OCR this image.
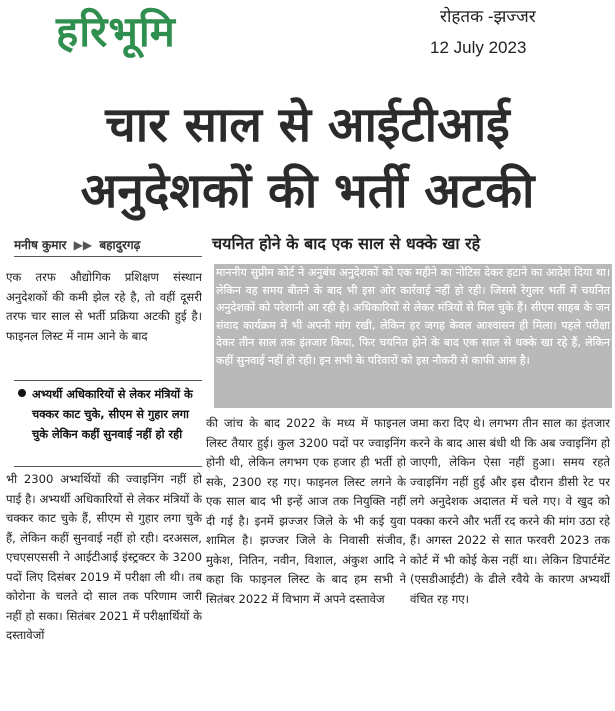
हरिभूमि	रोहतक -झज्जर
12 July 2023
चार साल से आईटीआई
अनुदेशकों की भर्ती अटकी
मनीष कुमार ▶▶ बहादुरगढ़	चयनित होने के बाद एक साल से धक्के खा रहे

माननीय सुप्रीम कोर्ट ने अनुबंध अनुदेशकों को एक महीने का नोटिस देकर हटाने का आदेश दिया था। लेकिन वह समय बीतने के बाद भी इस ओर कार्रवाई नहीं हो रही। जिससे रेगुलर भर्ती में चयनित अनुदेशकों को परेशानी आ रही है। अधिकारियों से लेकर मंत्रियों से मिल चुके हैं। सीएम साहब के जन संवाद कार्यक्रम में भी अपनी मांग रखी, लेकिन हर जगह केवल आश्वासन ही मिला। पहले परीक्षा देकर तीन साल तक इंतजार किया, फिर चयनित होने के बाद एक साल से धक्के खा रहे हैं, लेकिन कहीं सुनवाई नहीं हो रही। इन सभी के परिवारों को इस नौकरी से काफी आस है।

एक तरफ औद्योगिक प्रशिक्षण संस्थान अनुदेशकों की कमी झेल रहे है, तो वहीं दूसरी तरफ चार साल से भर्ती प्रक्रिया अटकी हुई है। फाइनल लिस्ट में नाम आने के बाद
अभ्यर्थी अधिकारियों से लेकर मंत्रियों के चक्कर काट चुके, सीएम से गुहार लगा चुके लेकिन कहीं सुनवाई नहीं हो रही
भी 2300 अभ्यर्थियों की ज्वाइनिंग नहीं हो पाई है। अभ्यर्थी अधिकारियों से लेकर मंत्रियों के चक्कर काट चुके हैं, सीएम से गुहार लगा चुके हैं, लेकिन कहीं सुनवाई नहीं हो रही। दरअसल, एचएसएससी ने आईटीआई इंस्ट्रक्टर के 3200 पदों लिए दिसंबर 2019 में परीक्षा ली थी। तब कोरोना के चलते दो साल तक परिणाम जारी नहीं हो सका। सितंबर 2021 में परीक्षार्थियों के दस्तावेजों
की जांच के बाद 2022 के मध्य में फाइनल लिस्ट तैयार हुई। कुल 3200 पदों पर ज्वाइनिंग होनी थी, लेकिन लगभग एक हजार ही भर्ती हो सके, 2300 रह गए। फाइनल लिस्ट लगने के एक साल बाद भी इन्हें आज तक नियुक्ति नहीं दी गई है। इनमें झज्जर जिले के भी कई युवा शामिल है। झज्जर जिले के निवासी संजीव, मुकेश, नितिन, नवीन, विशाल, अंकुश आदि ने कहा कि फाइनल लिस्ट के बाद हम सभी ने सितंबर 2022 में विभाग में अपने दस्तावेज
जमा करा दिए थे। लगभग तीन साल का इंतजार करने के बाद आस बंधी थी कि अब ज्वाइनिंग हो जाएगी, लेकिन ऐसा नहीं हुआ। समय रहते ज्वाइनिंग नहीं हुई और इस दौरान डीसी रेट पर लगे अनुदेशक अदालत में चले गए। वे खुद को पक्का करने और भर्ती रद करने की मांग उठा रहे हैं। अगस्त 2022 से सात फरवरी 2023 तक कोर्ट में भी कोई केस नहीं था। लेकिन डिपार्टमेंट (एसडीआईटी) के ढीले रवैये के कारण अभ्यर्थी वंचित रह गए।
